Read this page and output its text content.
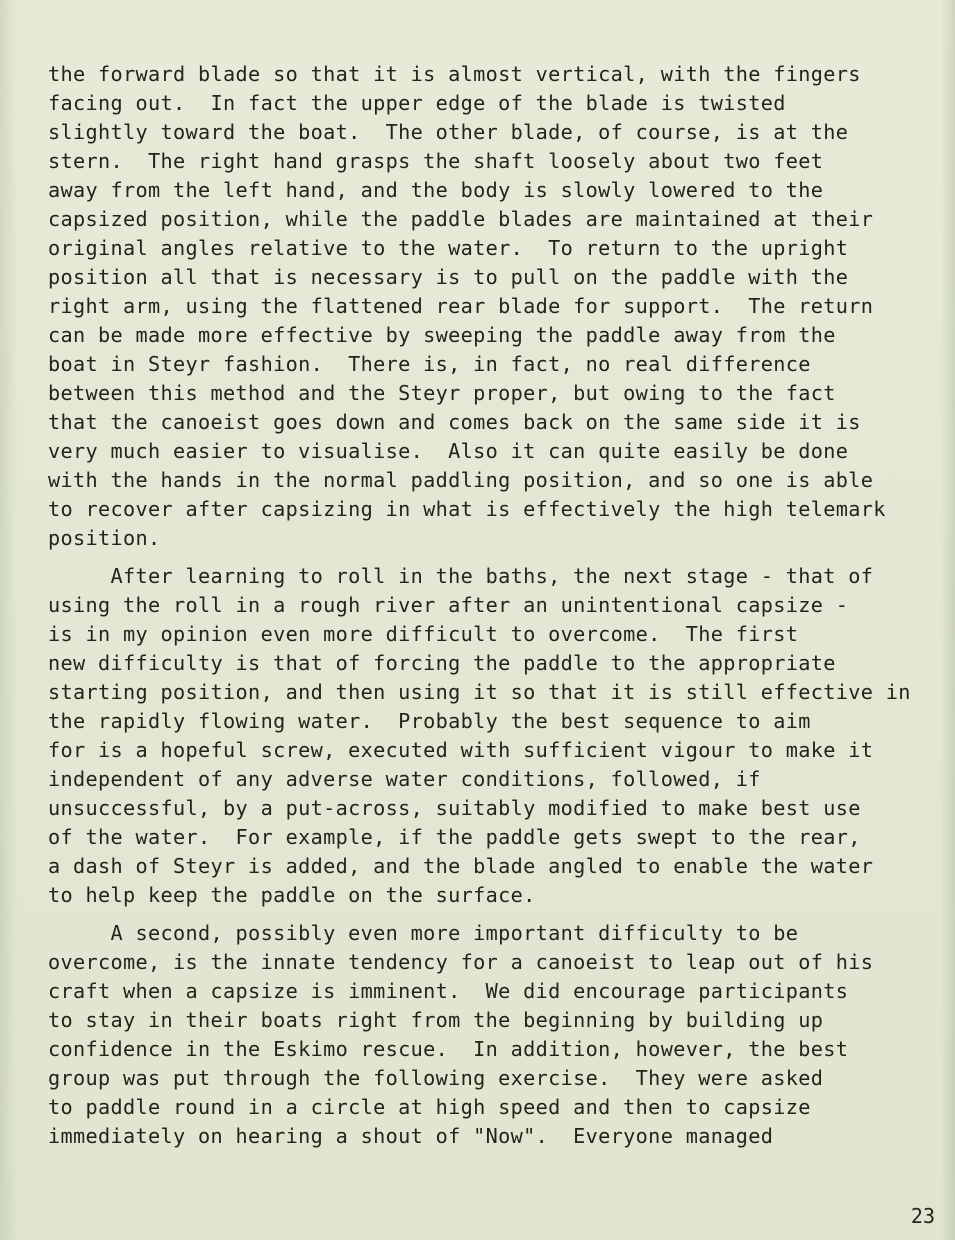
the forward blade so that it is almost vertical, with the fingers
facing out.  In fact the upper edge of the blade is twisted
slightly toward the boat.  The other blade, of course, is at the
stern.  The right hand grasps the shaft loosely about two feet
away from the left hand, and the body is slowly lowered to the
capsized position, while the paddle blades are maintained at their
original angles relative to the water.  To return to the upright
position all that is necessary is to pull on the paddle with the
right arm, using the flattened rear blade for support.  The return
can be made more effective by sweeping the paddle away from the
boat in Steyr fashion.  There is, in fact, no real difference
between this method and the Steyr proper, but owing to the fact
that the canoeist goes down and comes back on the same side it is
very much easier to visualise.  Also it can quite easily be done
with the hands in the normal paddling position, and so one is able
to recover after capsizing in what is effectively the high telemark
position.
After learning to roll in the baths, the next stage - that of
using the roll in a rough river after an unintentional capsize -
is in my opinion even more difficult to overcome.  The first
new difficulty is that of forcing the paddle to the appropriate
starting position, and then using it so that it is still effective in
the rapidly flowing water.  Probably the best sequence to aim
for is a hopeful screw, executed with sufficient vigour to make it
independent of any adverse water conditions, followed, if
unsuccessful, by a put-across, suitably modified to make best use
of the water.  For example, if the paddle gets swept to the rear,
a dash of Steyr is added, and the blade angled to enable the water
to help keep the paddle on the surface.
A second, possibly even more important difficulty to be
overcome, is the innate tendency for a canoeist to leap out of his
craft when a capsize is imminent.  We did encourage participants
to stay in their boats right from the beginning by building up
confidence in the Eskimo rescue.  In addition, however, the best
group was put through the following exercise.  They were asked
to paddle round in a circle at high speed and then to capsize
immediately on hearing a shout of "Now".  Everyone managed
23
